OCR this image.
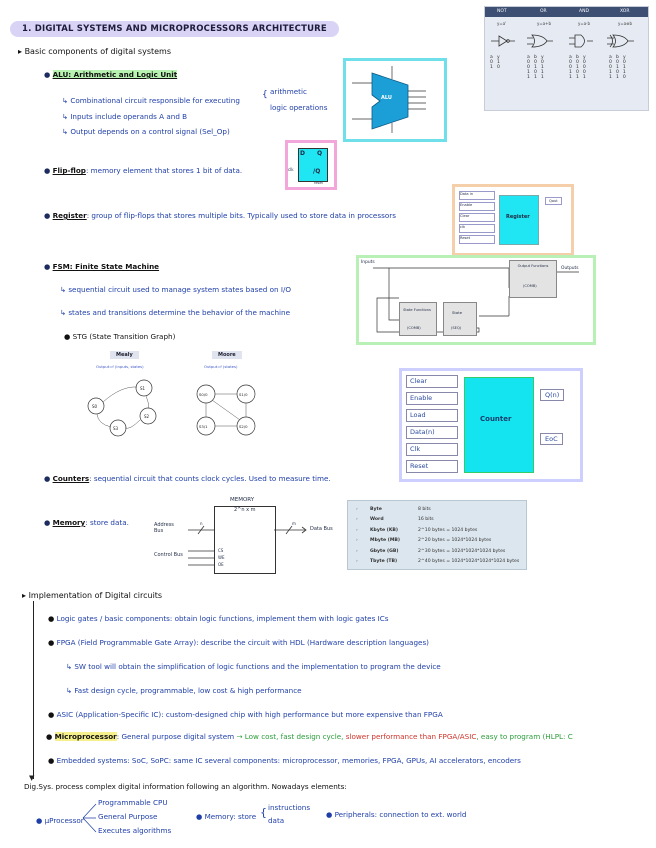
1. DIGITAL SYSTEMS AND MICROPROCESSORS ARCHITECTURE
NOT	OR	AND	XOR
y=a'	y=a+b	y=a·b	y=a⊕b
a	y
0	1
1	0
a	b	y
0	0	0
0	1	1
1	0	1
1	1	1
a	b	y
0	0	0
0	1	0
1	0	0
1	1	1
a	b	y
0	0	0
0	1	1
1	0	1
1	1	0
▸ Basic components of digital systems
● ALU: Arithmetic and Logic Unit
↳ Combinational circuit responsible for executing
{ arithmetic
logic operations
↳ Inputs include operands A and B
↳ Output depends on a control signal (Sel_Op)
ALU
● Flip-flop: memory element that stores 1 bit of data.
D Q
clk	/Q
reset
● Register: group of flip-flops that stores multiple bits. Typically used to store data in processors	Register
Data in
Enable
Clear
clk
Reset
Qout
● FSM: Finite State Machine
↳ sequential circuit used to manage system states based on I/O
↳ states and transitions determine the behavior of the machine
● STG (State Transition Graph)
Inputs
Outputs
Output Functions
(COMB)
State Functions
(COMB)
State
(SEQ)
Mealy
Output=f (inputs, states)
Moore
Output=f (states)
S0
S1
S2
S3
S0/0	S1/0
S3/1	S2/0
Counter
Clear
Enable
Load
Data(n)
Clk
Reset
Q(n)
EoC
● Counters: sequential circuit that counts clock cycles. Used to measure time.
● Memory: store data.
MEMORY
2^n x m
Address Bus
Control Bus
Data Bus
n	m
CS
WE
OE
›	Byte	8 bits
›	Word	16 bits
›	Kbyte (KB)	2^10 bytes = 1024 bytes
›	Mbyte (MB)	2^20 bytes = 1024*1024 bytes
›	Gbyte (GB)	2^30 bytes = 1024*1024*1024 bytes
›	Tbyte (TB)	2^40 bytes = 1024*1024*1024*1024 bytes
▸ Implementation of Digital circuits
▼
● Logic gates / basic components: obtain logic functions, implement them with logic gates ICs
● FPGA (Field Programmable Gate Array): describe the circuit with HDL (Hardware description languages)
↳ SW tool will obtain the simplification of logic functions and the implementation to program the device
↳ Fast design cycle, programmable, low cost & high performance
● ASIC (Application-Specific IC): custom-designed chip with high performance but more expensive than FPGA
● Microprocessor: General purpose digital system → Low cost, fast design cycle, slower performance than FPGA/ASIC, easy to program (HLPL: C
● Embedded systems: SoC, SoPC: same IC several components: microprocessor, memories, FPGA, GPUs, AI accelerators, encoders
Dig.Sys. process complex digital information following an algorithm. Nowadays elements:
● μProcessor
Programmable CPU
General Purpose
Executes algorithms
● Memory: store { instructions
data
● Peripherals: connection to ext. world
